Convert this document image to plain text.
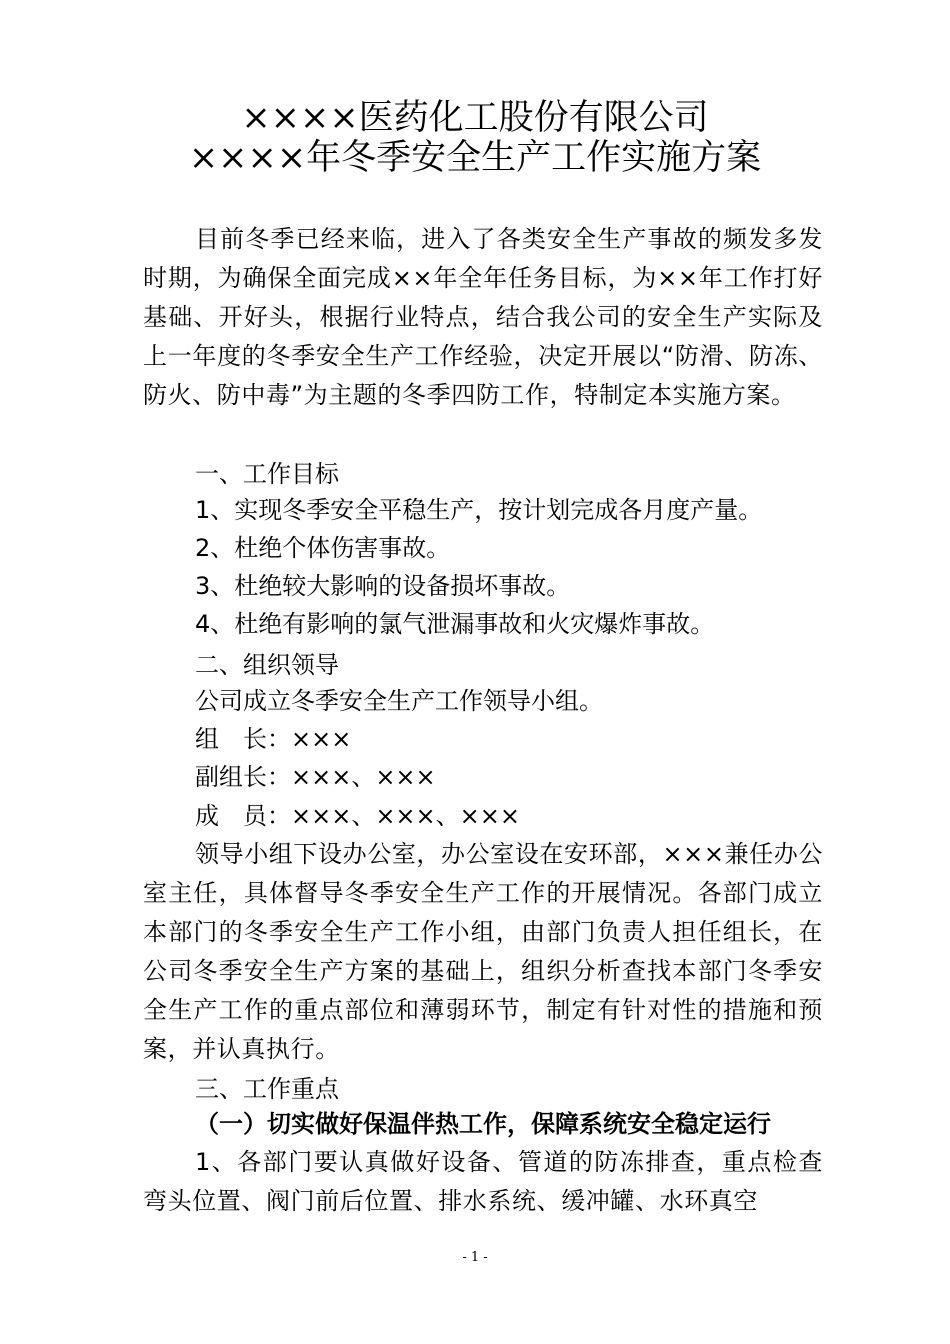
××××医药化工股份有限公司
××××年冬季安全生产工作实施方案

目前冬季已经来临，进入了各类安全生产事故的频发多发时期，为确保全面完成××年全年任务目标，为××年工作打好基础、开好头，根据行业特点，结合我公司的安全生产实际及上一年度的冬季安全生产工作经验，决定开展以“防滑、防冻、防火、防中毒”为主题的冬季四防工作，特制定本实施方案。

一、工作目标
1、实现冬季安全平稳生产，按计划完成各月度产量。
2、杜绝个体伤害事故。
3、杜绝较大影响的设备损坏事故。
4、杜绝有影响的氯气泄漏事故和火灾爆炸事故。
二、组织领导
公司成立冬季安全生产工作领导小组。
组　长：×××
副组长：×××、×××
成　员：×××、×××、×××

领导小组下设办公室，办公室设在安环部，×××兼任办公室主任，具体督导冬季安全生产工作的开展情况。各部门成立本部门的冬季安全生产工作小组，由部门负责人担任组长，在公司冬季安全生产方案的基础上，组织分析查找本部门冬季安全生产工作的重点部位和薄弱环节，制定有针对性的措施和预案，并认真执行。

三、工作重点
（一）切实做好保温伴热工作，保障系统安全稳定运行

1、各部门要认真做好设备、管道的防冻排查，重点检查弯头位置、阀门前后位置、排水系统、缓冲罐、水环真空

- 1 -
